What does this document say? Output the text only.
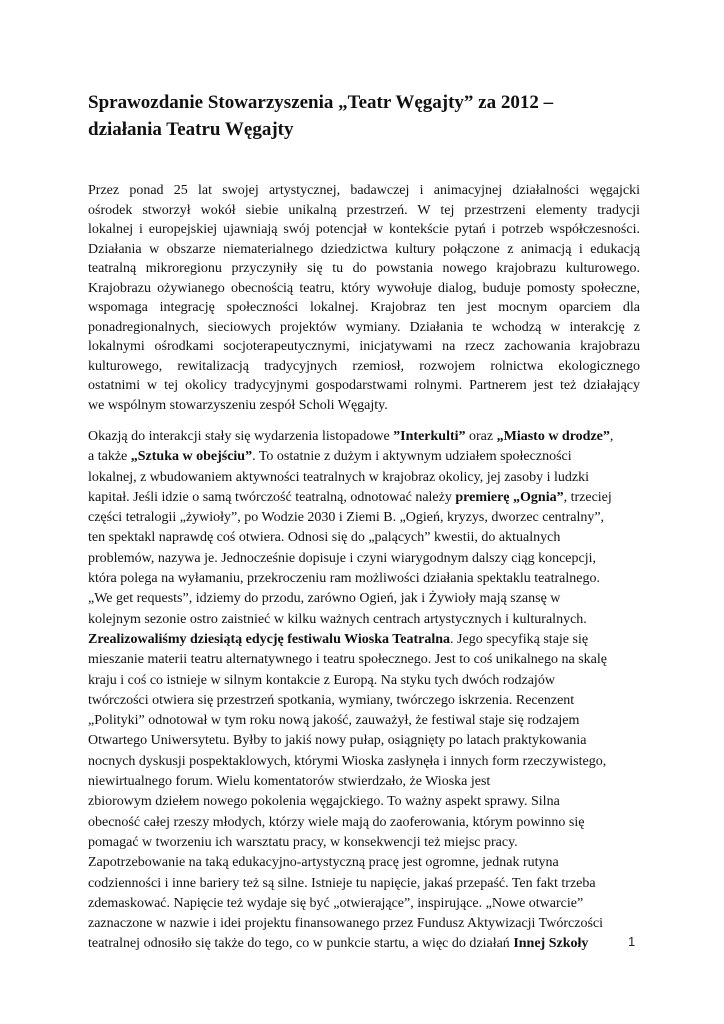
Sprawozdanie Stowarzyszenia „Teatr Węgajty” za 2012 –
działania Teatru Węgajty
Przez ponad 25 lat swojej artystycznej, badawczej i animacyjnej działalności węgajcki
ośrodek stworzył wokół siebie unikalną przestrzeń. W tej przestrzeni elementy tradycji
lokalnej i europejskiej ujawniają swój potencjał w kontekście pytań i potrzeb współczesności.
Działania w obszarze niematerialnego dziedzictwa kultury połączone z animacją i edukacją
teatralną mikroregionu przyczyniły się tu do powstania nowego krajobrazu kulturowego.
Krajobrazu ożywianego obecnością teatru, który wywołuje dialog, buduje pomosty społeczne,
wspomaga integrację społeczności lokalnej. Krajobraz ten jest mocnym oparciem dla
ponadregionalnych, sieciowych projektów wymiany. Działania te wchodzą w interakcję z
lokalnymi ośrodkami socjoterapeutycznymi, inicjatywami na rzecz zachowania krajobrazu
kulturowego, rewitalizacją tradycyjnych rzemiosł, rozwojem rolnictwa ekologicznego
ostatnimi w tej okolicy tradycyjnymi gospodarstwami rolnymi. Partnerem jest też działający
we wspólnym stowarzyszeniu zespół Scholi Węgajty.
Okazją do interakcji stały się wydarzenia listopadowe ”Interkulti” oraz „Miasto w drodze”,
a także „Sztuka w obejściu”. To ostatnie z dużym i aktywnym udziałem społeczności
lokalnej, z wbudowaniem aktywności teatralnych w krajobraz okolicy, jej zasoby i ludzki
kapitał. Jeśli idzie o samą twórczość teatralną, odnotować należy premierę „Ognia”, trzeciej
części tetralogii „żywioły”, po Wodzie 2030 i Ziemi B. „Ogień, kryzys, dworzec centralny”,
ten spektakl naprawdę coś otwiera. Odnosi się do „palących” kwestii, do aktualnych
problemów, nazywa je. Jednocześnie dopisuje i czyni wiarygodnym dalszy ciąg koncepcji,
która polega na wyłamaniu, przekroczeniu ram możliwości działania spektaklu teatralnego.
„We get requests”, idziemy do przodu, zarówno Ogień, jak i Żywioły mają szansę w
kolejnym sezonie ostro zaistnieć w kilku ważnych centrach artystycznych i kulturalnych.
Zrealizowaliśmy dziesiątą edycję festiwalu Wioska Teatralna. Jego specyfiką staje się
mieszanie materii teatru alternatywnego i teatru społecznego. Jest to coś unikalnego na skalę
kraju i coś co istnieje w silnym kontakcie z Europą. Na styku tych dwóch rodzajów
twórczości otwiera się przestrzeń spotkania, wymiany, twórczego iskrzenia. Recenzent
„Polityki” odnotował w tym roku nową jakość, zauważył, że festiwal staje się rodzajem
Otwartego Uniwersytetu. Byłby to jakiś nowy pułap, osiągnięty po latach praktykowania
nocnych dyskusji pospektaklowych, którymi Wioska zasłynęła i innych form rzeczywistego,
niewirtualnego forum. Wielu komentatorów stwierdzało, że Wioska jest
zbiorowym dziełem nowego pokolenia węgajckiego. To ważny aspekt sprawy. Silna
obecność całej rzeszy młodych, którzy wiele mają do zaoferowania, którym powinno się
pomagać w tworzeniu ich warsztatu pracy, w konsekwencji też miejsc pracy.
Zapotrzebowanie na taką edukacyjno-artystyczną pracę jest ogromne, jednak rutyna
codzienności i inne bariery też są silne. Istnieje tu napięcie, jakaś przepaść. Ten fakt trzeba
zdemaskować. Napięcie też wydaje się być „otwierające”, inspirujące. „Nowe otwarcie”
zaznaczone w nazwie i idei projektu finansowanego przez Fundusz Aktywizacji Twórczości
teatralnej odnosiło się także do tego, co w punkcie startu, a więc do działań Innej Szkoły	1
